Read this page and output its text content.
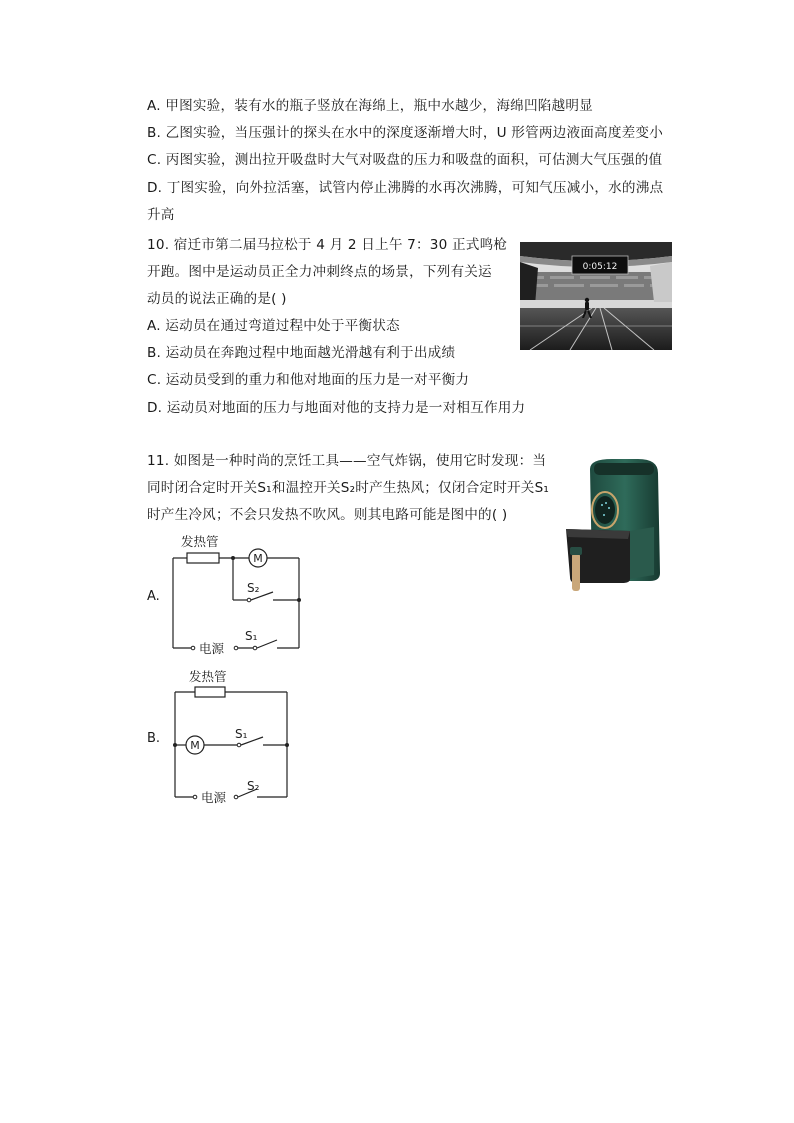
A. 甲图实验，装有水的瓶子竖放在海绵上，瓶中水越少，海绵凹陷越明显
B. 乙图实验，当压强计的探头在水中的深度逐渐增大时，U 形管两边液面高度差变小
C. 丙图实验，测出拉开吸盘时大气对吸盘的压力和吸盘的面积，可估测大气压强的值
D. 丁图实验，向外拉活塞，试管内停止沸腾的水再次沸腾，可知气压减小，水的沸点
升高
10. 宿迁市第二届马拉松于 4 月 2 日上午 7：30 正式鸣枪
开跑。图中是运动员正全力冲刺终点的场景，下列有关运
动员的说法正确的是( )
A. 运动员在通过弯道过程中处于平衡状态
B. 运动员在奔跑过程中地面越光滑越有利于出成绩
C. 运动员受到的重力和他对地面的压力是一对平衡力
D. 运动员对地面的压力与地面对他的支持力是一对相互作用力
0:05:12
11. 如图是一种时尚的烹饪工具——空气炸锅，使用它时发现：当
同时闭合定时开关S₁和温控开关S₂时产生热风；仅闭合定时开关S₁
时产生冷风；不会只发热不吹风。则其电路可能是图中的( )
A.
M
发热管
S₂
S₁
电源
B.	M
发热管
S₁
S₂
电源
